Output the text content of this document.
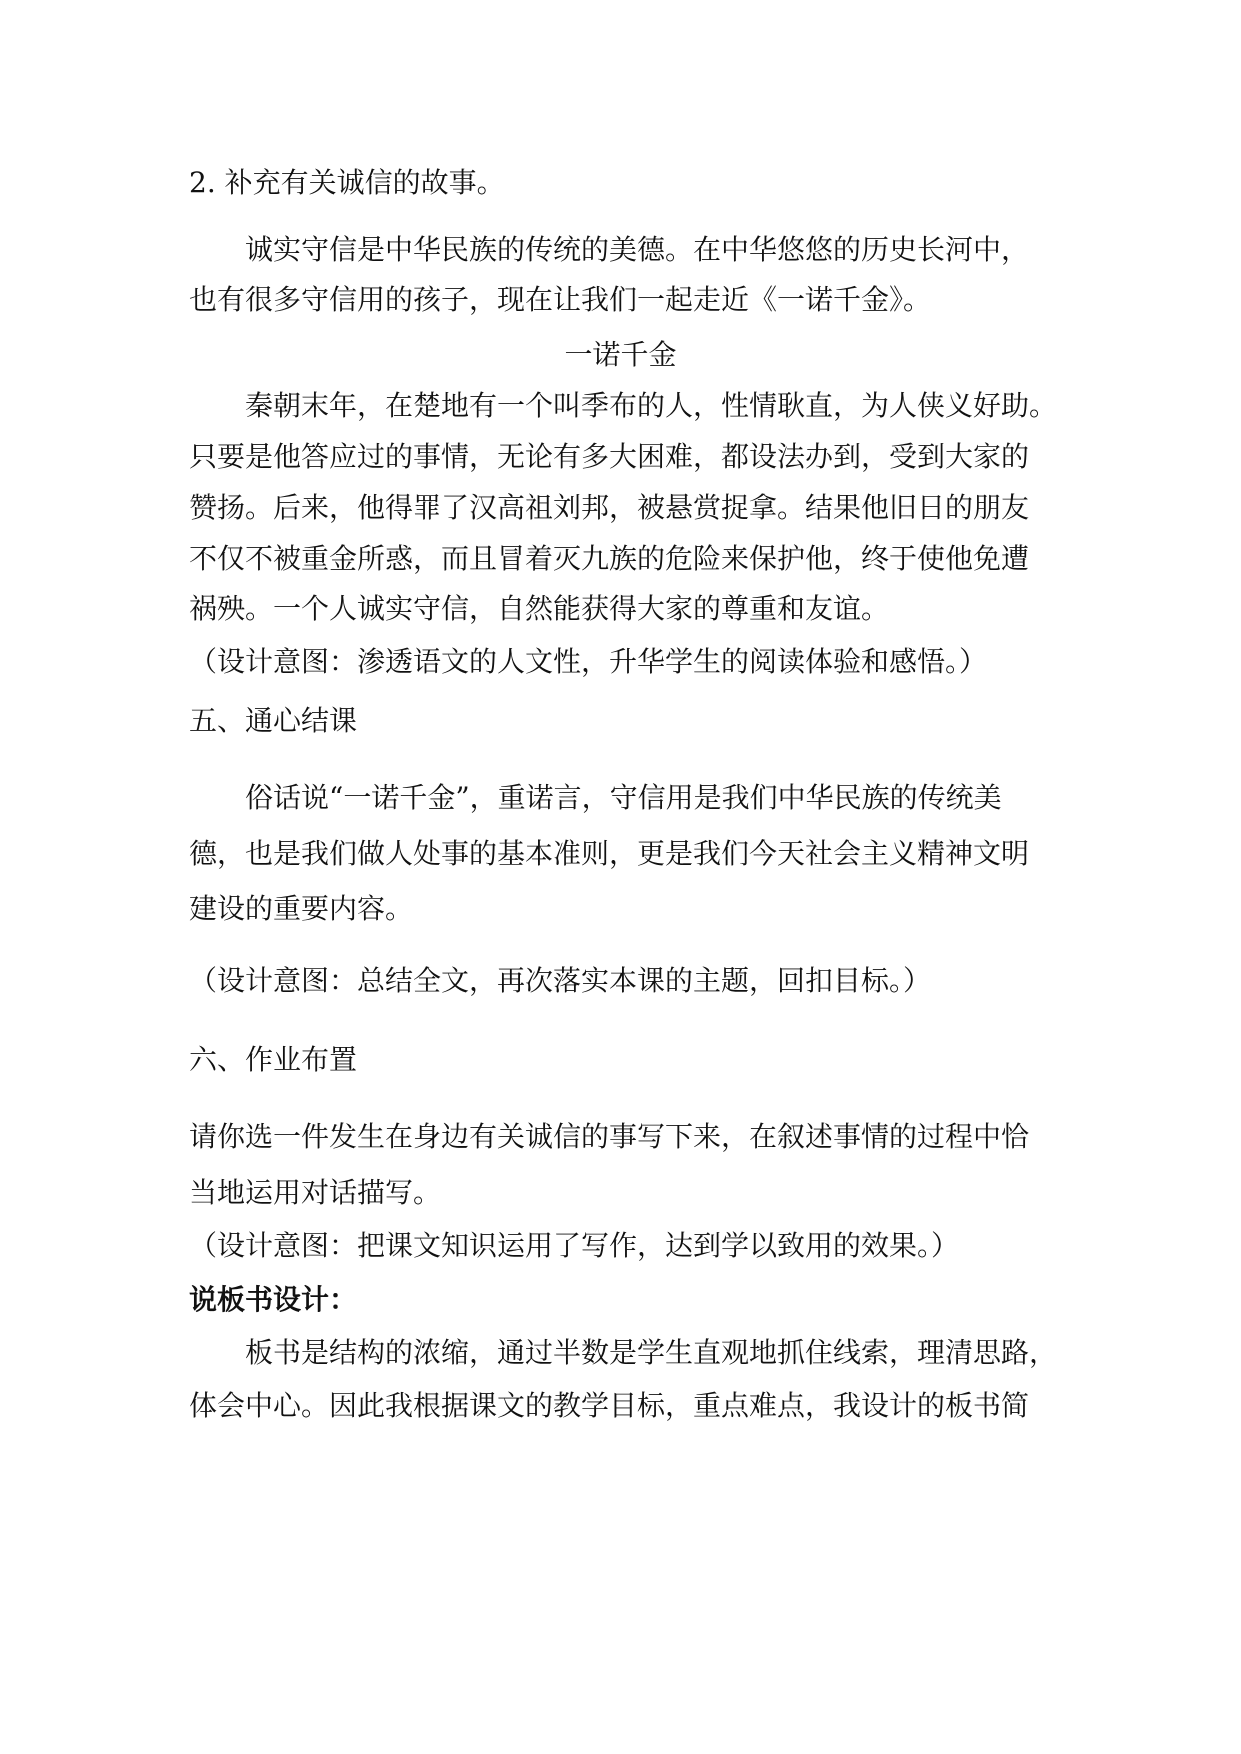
2. 补充有关诚信的故事。
诚实守信是中华民族的传统的美德。在中华悠悠的历史长河中，
也有很多守信用的孩子，现在让我们一起走近《一诺千金》。
一诺千金
秦朝末年，在楚地有一个叫季布的人，性情耿直，为人侠义好助。
只要是他答应过的事情，无论有多大困难，都设法办到，受到大家的
赞扬。后来，他得罪了汉高祖刘邦，被悬赏捉拿。结果他旧日的朋友
不仅不被重金所惑，而且冒着灭九族的危险来保护他，终于使他免遭
祸殃。一个人诚实守信，自然能获得大家的尊重和友谊。
（设计意图：渗透语文的人文性，升华学生的阅读体验和感悟。）
五、通心结课
俗话说“一诺千金”，重诺言，守信用是我们中华民族的传统美
德，也是我们做人处事的基本准则，更是我们今天社会主义精神文明
建设的重要内容。
（设计意图：总结全文，再次落实本课的主题，回扣目标。）
六、作业布置
请你选一件发生在身边有关诚信的事写下来，在叙述事情的过程中恰
当地运用对话描写。
（设计意图：把课文知识运用了写作，达到学以致用的效果。）
说板书设计：
板书是结构的浓缩，通过半数是学生直观地抓住线索，理清思路，
体会中心。因此我根据课文的教学目标，重点难点，我设计的板书简
